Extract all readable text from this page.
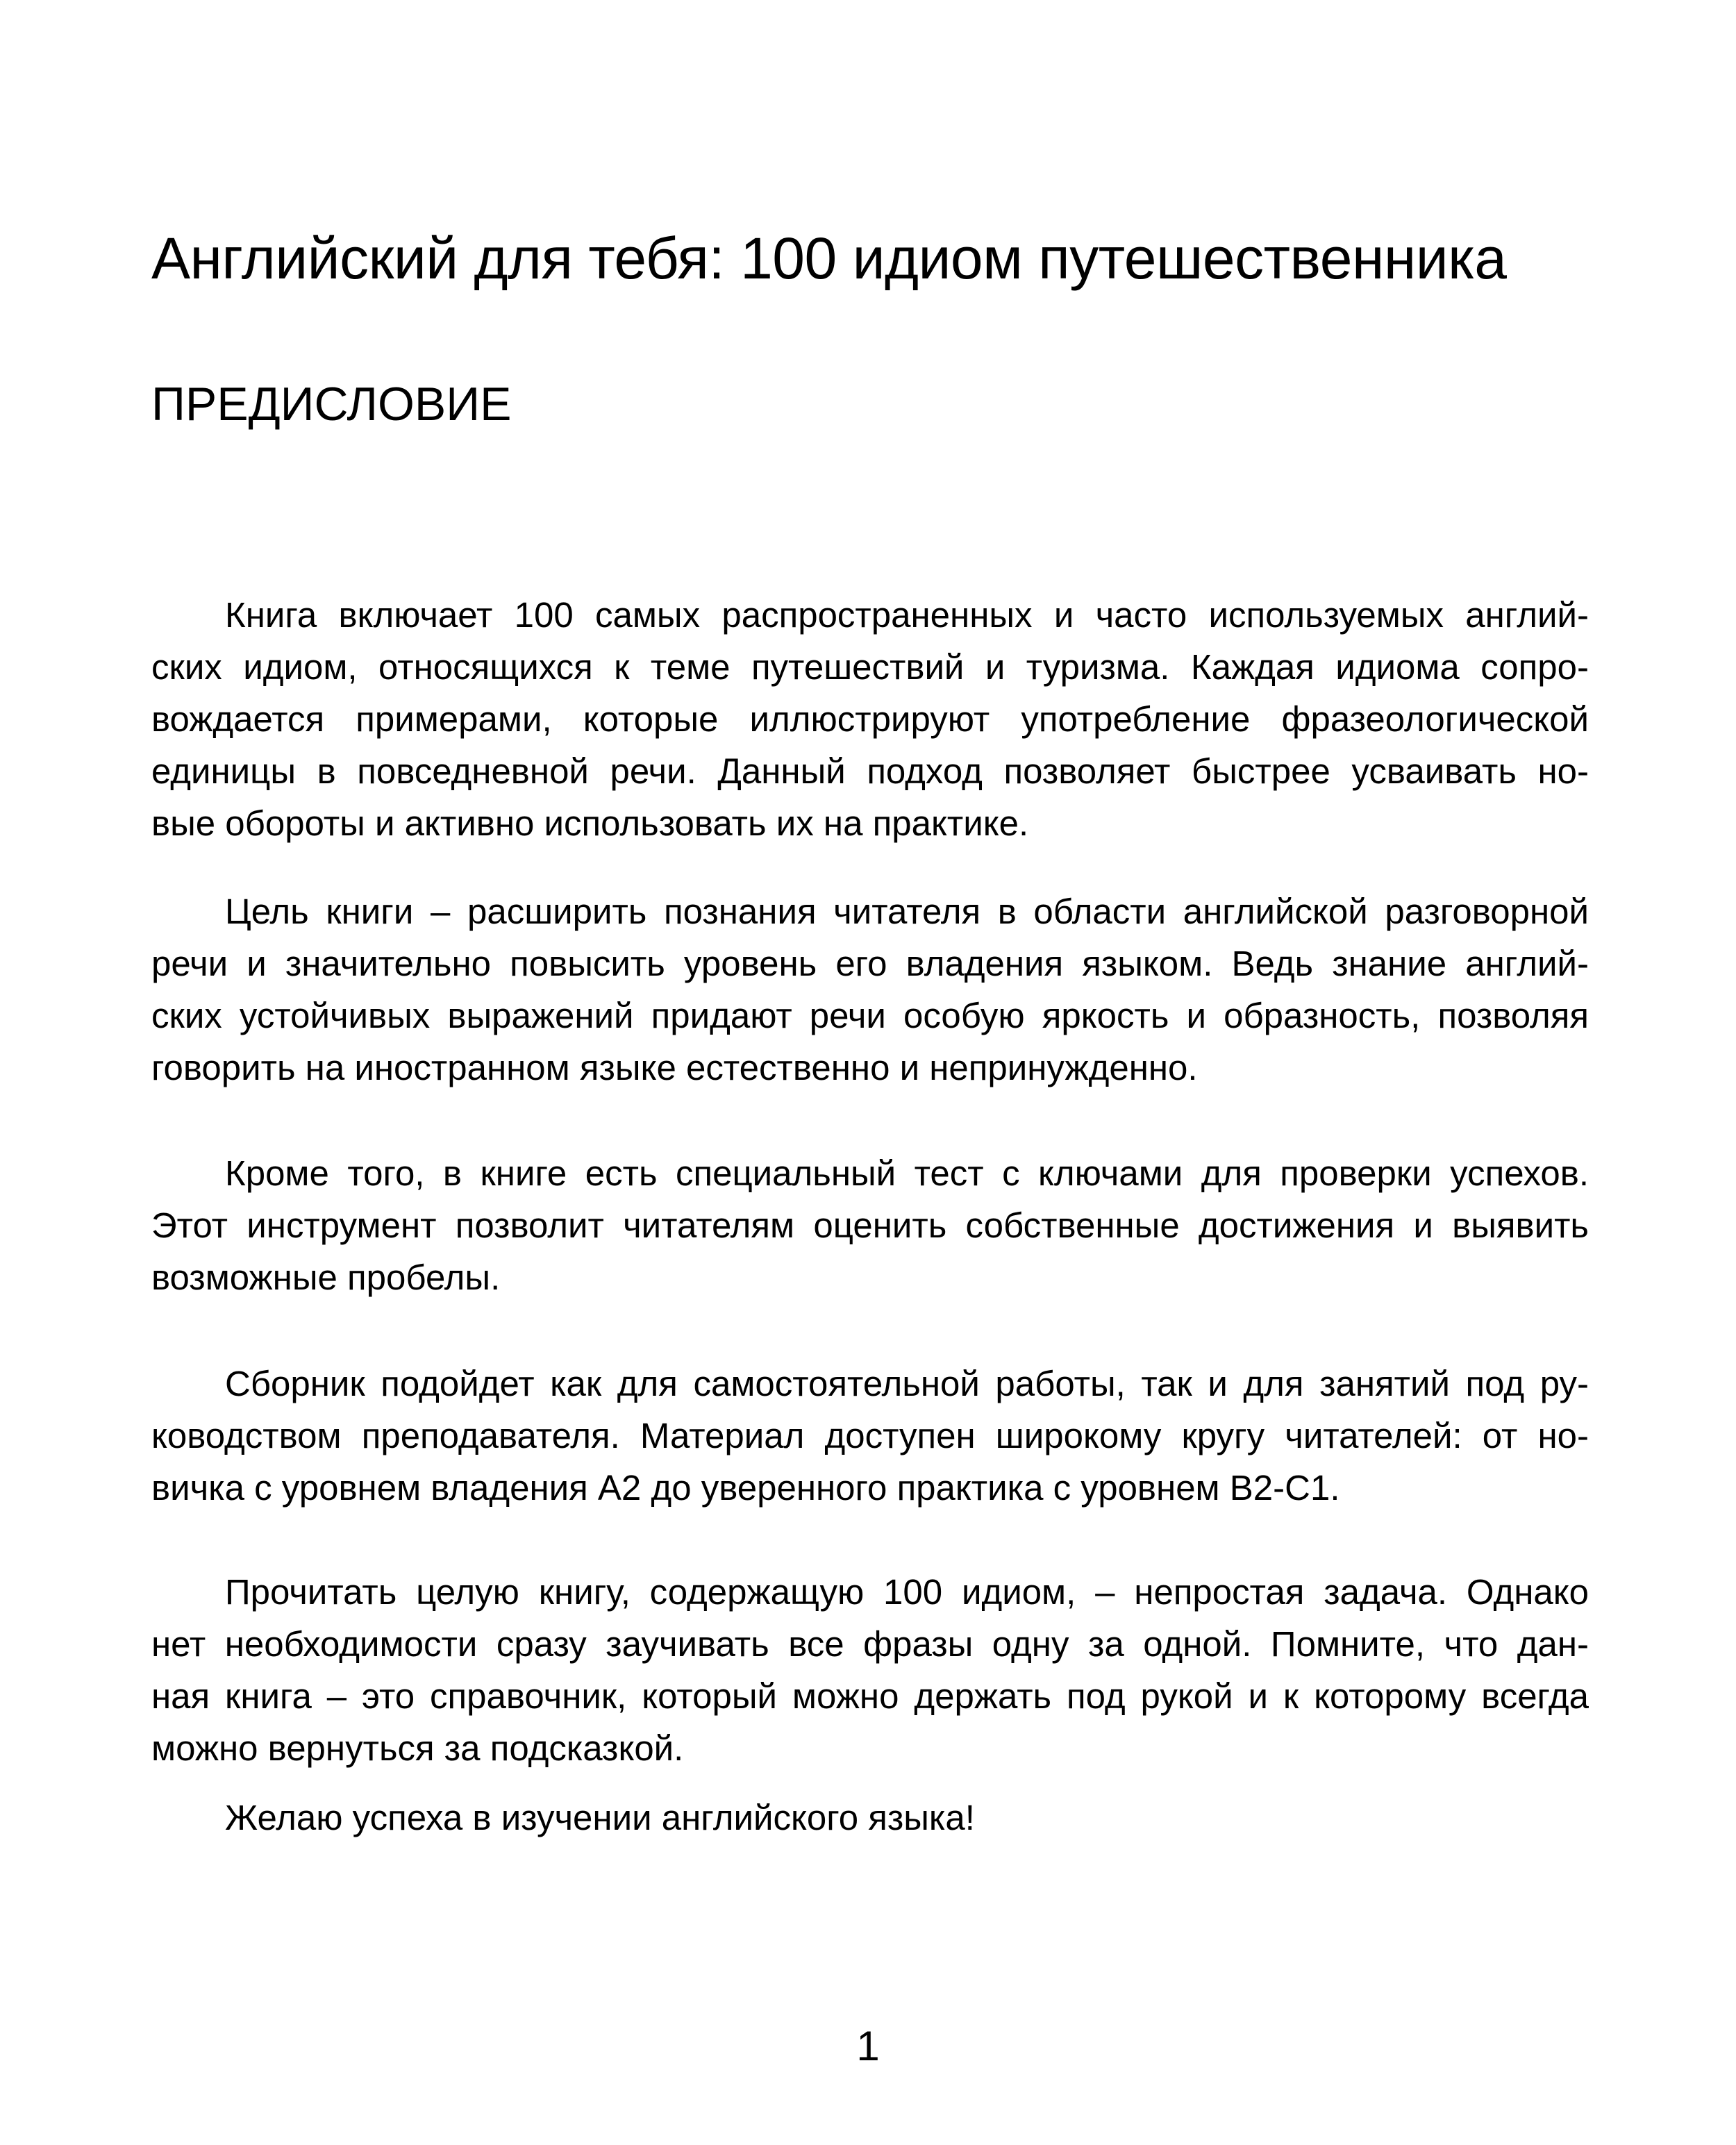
Английский для тебя: 100 идиом путешественника
ПРЕДИСЛОВИЕ
Книга включает 100 самых распространенных и часто используемых англий-
ских идиом, относящихся к теме путешествий и туризма. Каждая идиома сопро-
вождается примерами, которые иллюстрируют употребление фразеологической
единицы в повседневной речи. Данный подход позволяет быстрее усваивать но-
вые обороты и активно использовать их на практике.
Цель книги – расширить познания читателя в области английской разговорной
речи и значительно повысить уровень его владения языком. Ведь знание англий-
ских устойчивых выражений придают речи особую яркость и образность, позволяя
говорить на иностранном языке естественно и непринужденно.
Кроме того, в книге есть специальный тест с ключами для проверки успехов.
Этот инструмент позволит читателям оценить собственные достижения и выявить
возможные пробелы.
Сборник подойдет как для самостоятельной работы, так и для занятий под ру-
ководством преподавателя. Материал доступен широкому кругу читателей: от но-
вичка с уровнем владения А2 до уверенного практика с уровнем В2-С1.
Прочитать целую книгу, содержащую 100 идиом, – непростая задача. Однако
нет необходимости сразу заучивать все фразы одну за одной. Помните, что дан-
ная книга – это справочник, который можно держать под рукой и к которому всегда
можно вернуться за подсказкой.
Желаю успеха в изучении английского языка!
1
